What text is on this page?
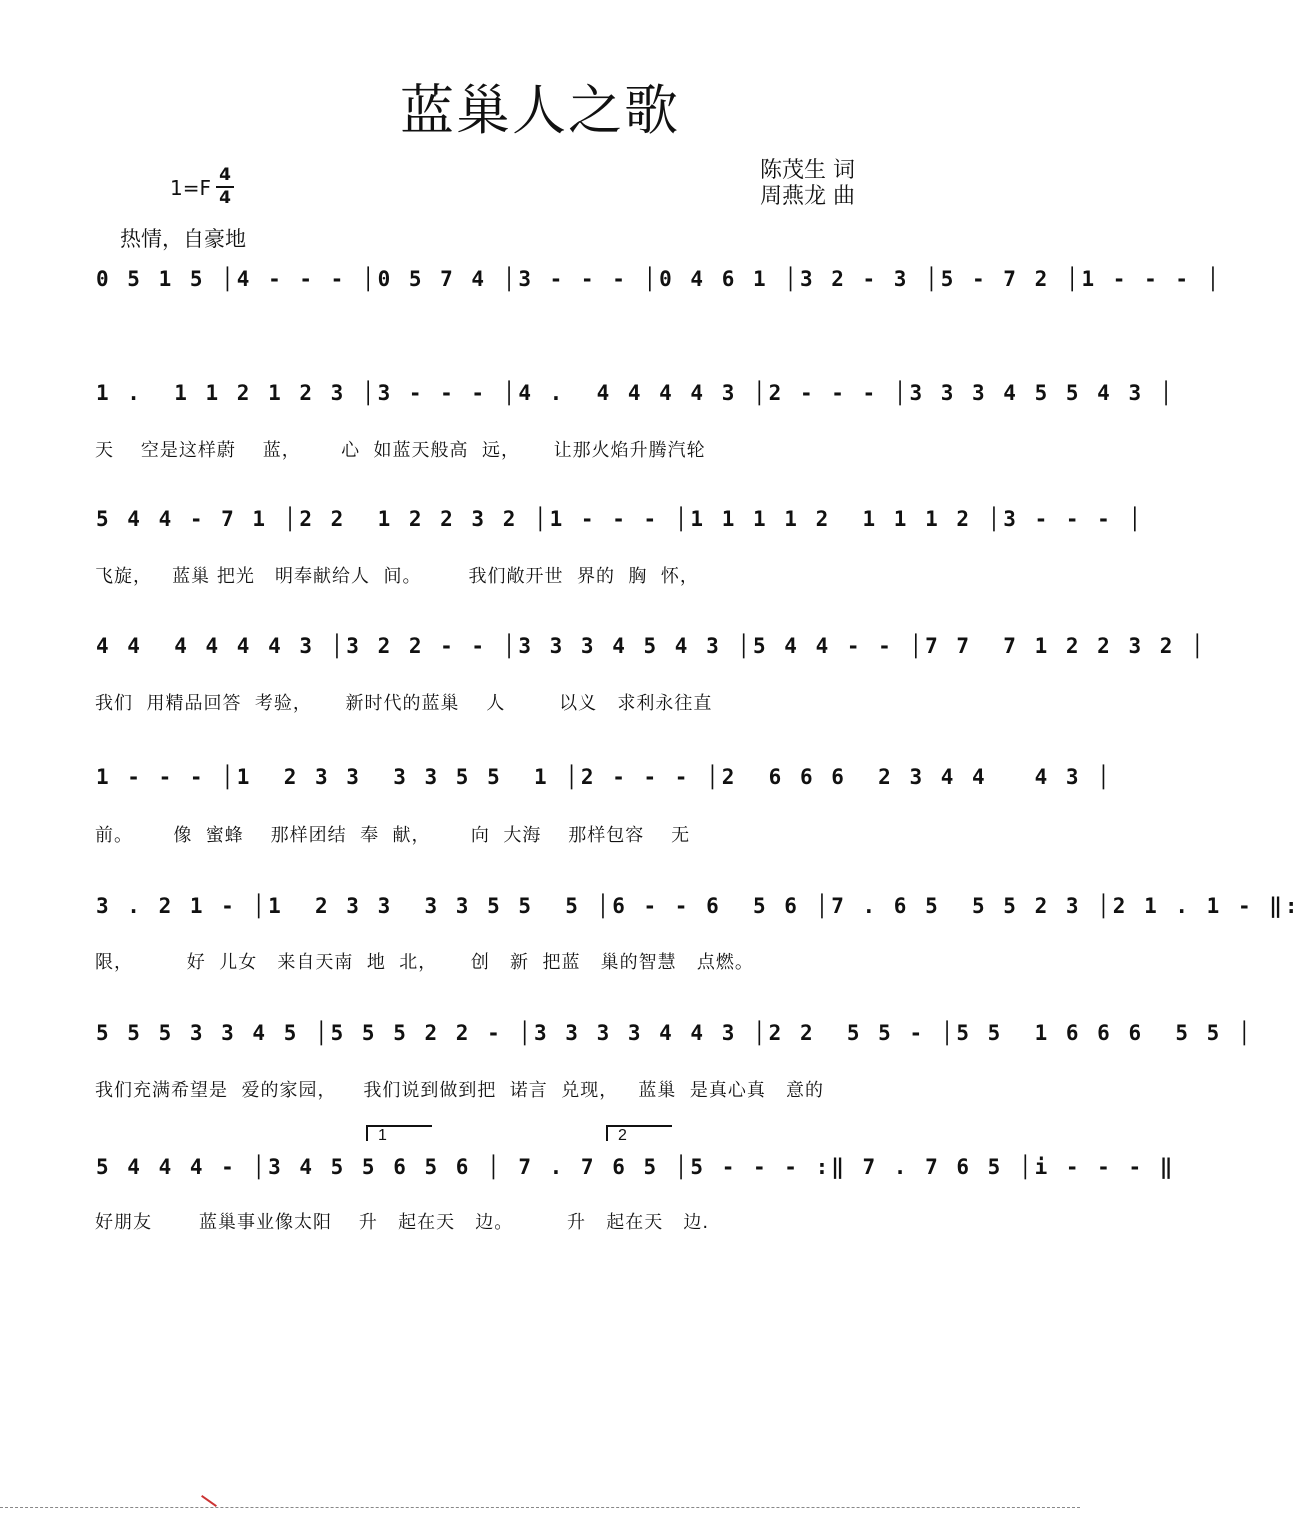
蓝巢人之歌
陈茂生 词
周燕龙 曲
1=F
4
4
热情，自豪地
0 5 1 5 │4 - - - │0 5 7 4 │3 - - - │0 4 6 1 │3 2 - 3 │5 - 7 2 │1 - - - │
1 .  1 1 2 1 2 3 │3 - - - │4 .  4 4 4 4 3 │2 - - - │3 3 3 4 5 5 4 3 │
天    空是这样蔚    蓝，      心  如蓝天般高  远，     让那火焰升腾汽轮
5 4 4 - 7 1 │2 2  1 2 2 3 2 │1 - - - │1 1 1 1 2  1 1 1 2 │3 - - - │
飞旋，   蓝巢 把光   明奉献给人  间。       我们敞开世  界的  胸  怀，
4 4  4 4 4 4 3 │3 2 2 - - │3 3 3 4 5 4 3 │5 4 4 - - │7 7  7 1 2 2 3 2 │
我们  用精品回答  考验，     新时代的蓝巢    人        以义   求利永往直
1 - - - │1  2 3 3  3 3 5 5  1 │2 - - - │2  6 6 6  2 3 4 4   4 3 │
前。      像  蜜蜂    那样团结  奉  献，      向  大海    那样包容    无
3 . 2 1 - │1  2 3 3  3 3 5 5  5 │6 - - 6  5 6 │7 . 6 5  5 5 2 3 │2 1 . 1 - ‖:
限，        好  儿女   来自天南  地  北，     创   新  把蓝   巢的智慧   点燃。
5 5 5 3 3 4 5 │5 5 5 2 2 - │3 3 3 3 4 4 3 │2 2  5 5 - │5 5  1 6 6 6  5 5 │
我们充满希望是  爱的家园，    我们说到做到把  诺言  兑现，   蓝巢  是真心真   意的
1	2
5 4 4 4 - │3 4 5 5 6 5 6 │ 7 . 7 6 5 │5 - - - :‖ 7 . 7 6 5 │i - - - ‖
好朋友       蓝巢事业像太阳    升   起在天   边。        升   起在天   边.
